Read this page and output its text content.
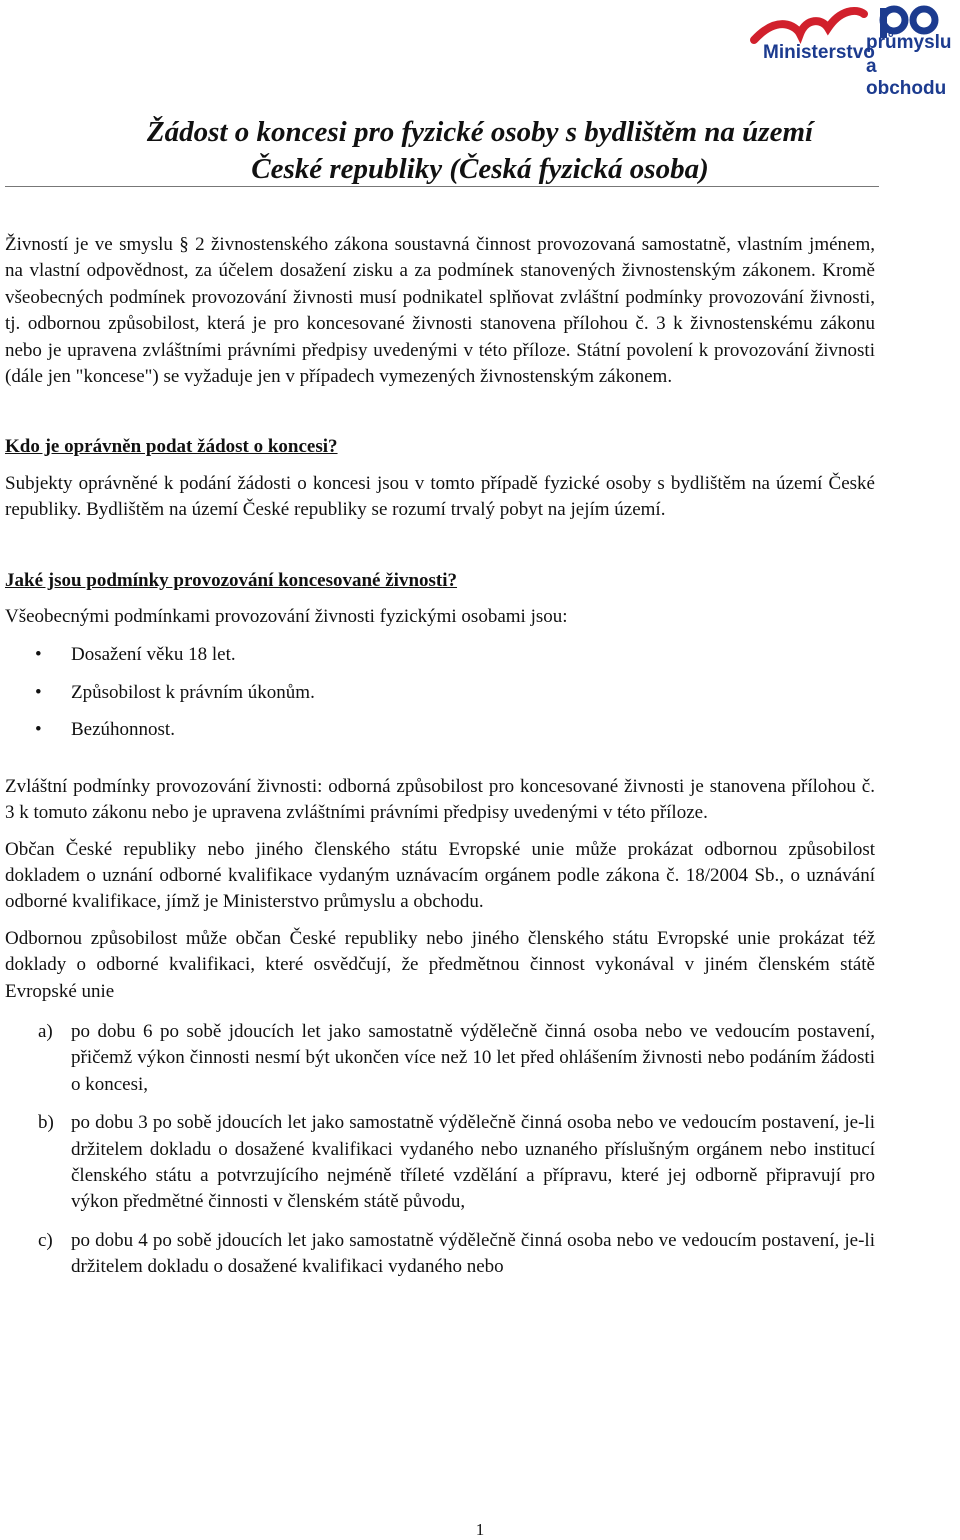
Ministerstvo
průmyslu
a obchodu
Žádost o koncesi pro fyzické osoby s bydlištěm na území
České republiky (Česká fyzická osoba)

Živností je ve smyslu § 2 živnostenského zákona soustavná činnost provozovaná samostatně, vlastním jménem, na vlastní odpovědnost, za účelem dosažení zisku a za podmínek stanovených živnostenským zákonem. Kromě všeobecných podmínek provozování živnosti musí podnikatel splňovat zvláštní podmínky provozování živnosti, tj. odbornou způsobilost, která je pro koncesované živnosti stanovena přílohou č. 3 k živnostenskému zákonu nebo je upravena zvláštními právními předpisy uvedenými v této příloze. Státní povolení k provozování živnosti (dále jen "koncese") se vyžaduje jen v případech vymezených živnostenským zákonem.

Kdo je oprávněn podat žádost o koncesi?

Subjekty oprávněné k podání žádosti o koncesi jsou v tomto případě fyzické osoby s bydlištěm na území České republiky. Bydlištěm na území České republiky se rozumí trvalý pobyt na jejím území.

Jaké jsou podmínky provozování koncesované živnosti?

Všeobecnými podmínkami provozování živnosti fyzickými osobami jsou:

• Dosažení věku 18 let.
• Způsobilost k právním úkonům.
• Bezúhonnost.

Zvláštní podmínky provozování živnosti: odborná způsobilost pro koncesované živnosti je stanovena přílohou č. 3 k tomuto zákonu nebo je upravena zvláštními právními předpisy uvedenými v této příloze.

Občan České republiky nebo jiného členského státu Evropské unie může prokázat odbornou způsobilost dokladem o uznání odborné kvalifikace vydaným uznávacím orgánem podle zákona č. 18/2004 Sb., o uznávání odborné kvalifikace, jímž je Ministerstvo průmyslu a obchodu.

Odbornou způsobilost může občan České republiky nebo jiného členského státu Evropské unie prokázat též doklady o odborné kvalifikaci, které osvědčují, že předmětnou činnost vykonával v jiném členském státě Evropské unie

a) po dobu 6 po sobě jdoucích let jako samostatně výdělečně činná osoba nebo ve vedoucím postavení, přičemž výkon činnosti nesmí být ukončen více než 10 let před ohlášením živnosti nebo podáním žádosti o koncesi,
b) po dobu 3 po sobě jdoucích let jako samostatně výdělečně činná osoba nebo ve vedoucím postavení, je-li držitelem dokladu o dosažené kvalifikaci vydaného nebo uznaného příslušným orgánem nebo institucí členského státu a potvrzujícího nejméně tříleté vzdělání a přípravu, které jej odborně připravují pro výkon předmětné činnosti v členském státě původu,
c) po dobu 4 po sobě jdoucích let jako samostatně výdělečně činná osoba nebo ve vedoucím postavení, je-li držitelem dokladu o dosažené kvalifikaci vydaného nebo
1
